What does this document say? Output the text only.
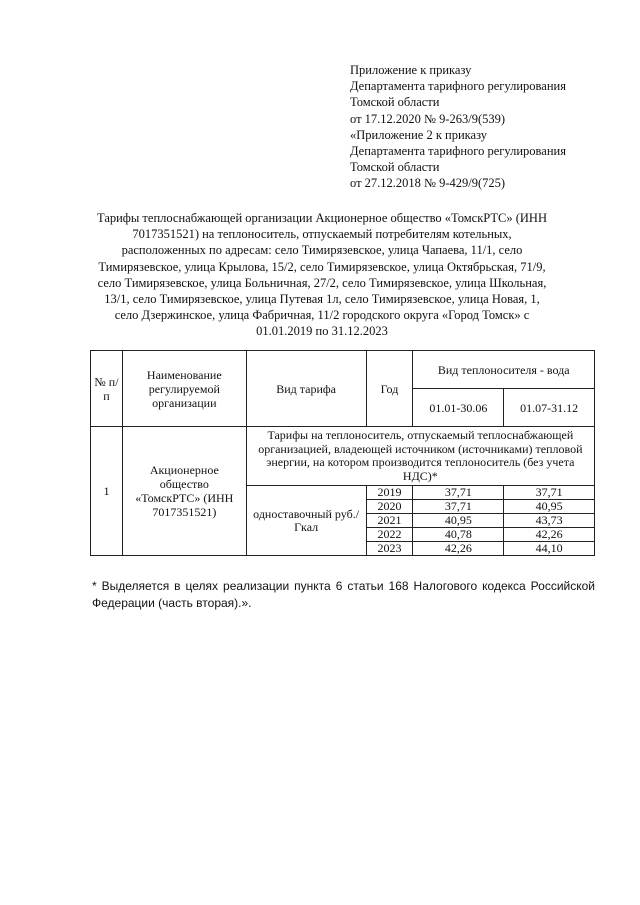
Приложение к приказу
Департамента тарифного регулирования
Томской области
от 17.12.2020 № 9-263/9(539)
«Приложение 2 к приказу
Департамента тарифного регулирования
Томской области
от 27.12.2018 № 9-429/9(725)
Тарифы теплоснабжающей организации Акционерное общество «ТомскРТС» (ИНН 7017351521) на теплоноситель, отпускаемый потребителям котельных, расположенных по адресам: село Тимирязевское, улица Чапаева, 11/1, село Тимирязевское, улица Крылова, 15/2, село Тимирязевское, улица Октябрьская, 71/9, село Тимирязевское, улица Больничная, 27/2, село Тимирязевское, улица Школьная, 13/1, село Тимирязевское, улица Путевая 1л, село Тимирязевское, улица Новая, 1, село Дзержинское, улица Фабричная, 11/2 городского округа «Город Томск» с 01.01.2019 по 31.12.2023
№ п/п	Наименование регулируемой организации	Вид тарифа	Год	Вид теплоносителя - вода	
				01.01-30.06	01.07-31.12
1	Акционерное общество «ТомскРТС» (ИНН 7017351521)	Тарифы на теплоноситель, отпускаемый теплоснабжающей организацией, владеющей источником (источниками) тепловой энергии, на котором производится теплоноситель (без учета НДС)*			
		одноставочный руб./Гкал	2019	37,71	37,71
			2020	37,71	40,95
			2021	40,95	43,73
			2022	40,78	42,26
			2023	42,26	44,10
* Выделяется в целях реализации пункта 6 статьи 168 Налогового кодекса Российской Федерации (часть вторая).».
